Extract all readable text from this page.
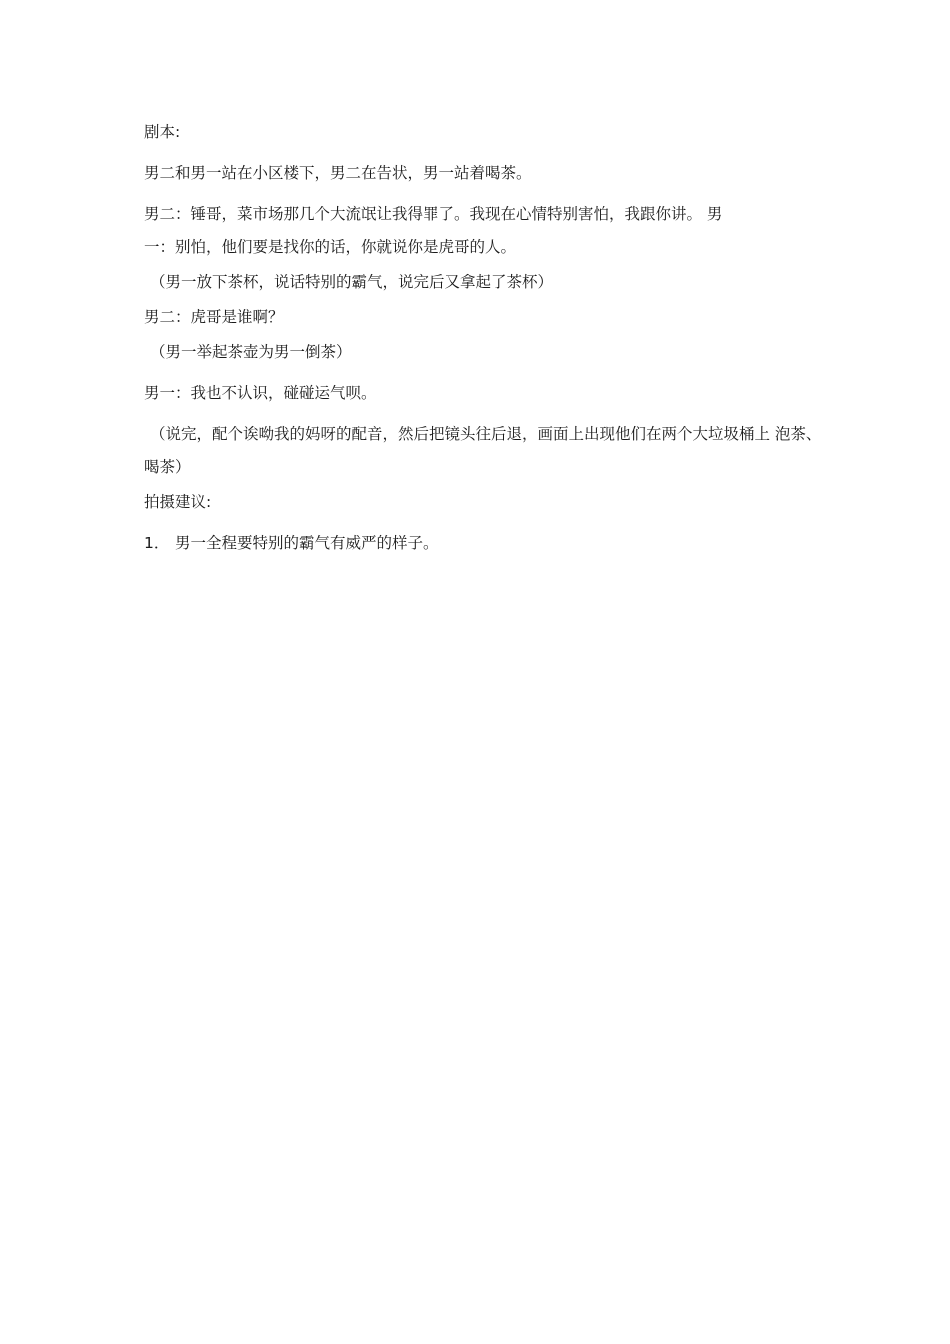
剧本:
男二和男一站在小区楼下，男二在告状，男一站着喝茶。
男二：锤哥，菜市场那几个大流氓让我得罪了。我现在心情特别害怕，我跟你讲。 男
一：别怕，他们要是找你的话，你就说你是虎哥的人。
（男一放下茶杯，说话特别的霸气，说完后又拿起了茶杯）
男二：虎哥是谁啊？
（男一举起茶壶为男一倒茶）
男一：我也不认识，碰碰运气呗。
（说完，配个诶呦我的妈呀的配音，然后把镜头往后退，画面上出现他们在两个大垃圾桶上 泡茶、
喝茶）
拍摄建议:
1． 男一全程要特别的霸气有威严的样子。
